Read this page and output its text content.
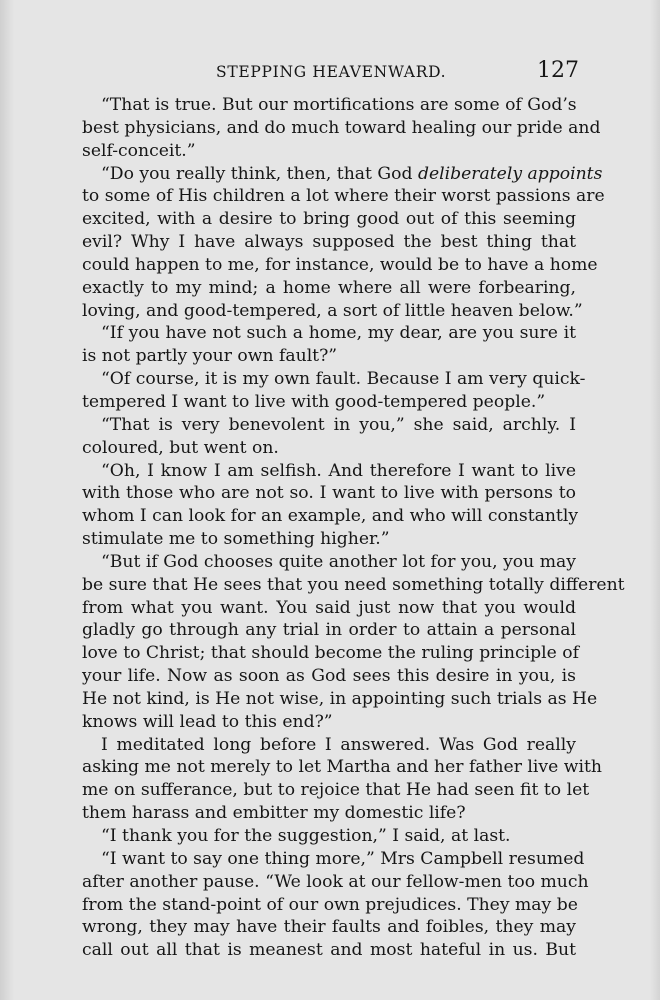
STEPPING HEAVENWARD.	127
“That is true. But our mortifications are some of God’s
best physicians, and do much toward healing our pride and
self-conceit.”
“Do you really think, then, that God deliberately appoints
to some of His children a lot where their worst passions are
excited, with a desire to bring good out of this seeming
evil? Why I have always supposed the best thing that
could happen to me, for instance, would be to have a home
exactly to my mind; a home where all were forbearing,
loving, and good-tempered, a sort of little heaven below.”
“If you have not such a home, my dear, are you sure it
is not partly your own fault?”
“Of course, it is my own fault. Because I am very quick-
tempered I want to live with good-tempered people.”
“That is very benevolent in you,” she said, archly. I
coloured, but went on.
“Oh, I know I am selfish. And therefore I want to live
with those who are not so. I want to live with persons to
whom I can look for an example, and who will constantly
stimulate me to something higher.”
“But if God chooses quite another lot for you, you may
be sure that He sees that you need something totally different
from what you want. You said just now that you would
gladly go through any trial in order to attain a personal
love to Christ; that should become the ruling principle of
your life. Now as soon as God sees this desire in you, is
He not kind, is He not wise, in appointing such trials as He
knows will lead to this end?”
I meditated long before I answered. Was God really
asking me not merely to let Martha and her father live with
me on sufferance, but to rejoice that He had seen fit to let
them harass and embitter my domestic life?
“I thank you for the suggestion,” I said, at last.
“I want to say one thing more,” Mrs Campbell resumed
after another pause. “We look at our fellow-men too much
from the stand-point of our own prejudices. They may be
wrong, they may have their faults and foibles, they may
call out all that is meanest and most hateful in us. But
